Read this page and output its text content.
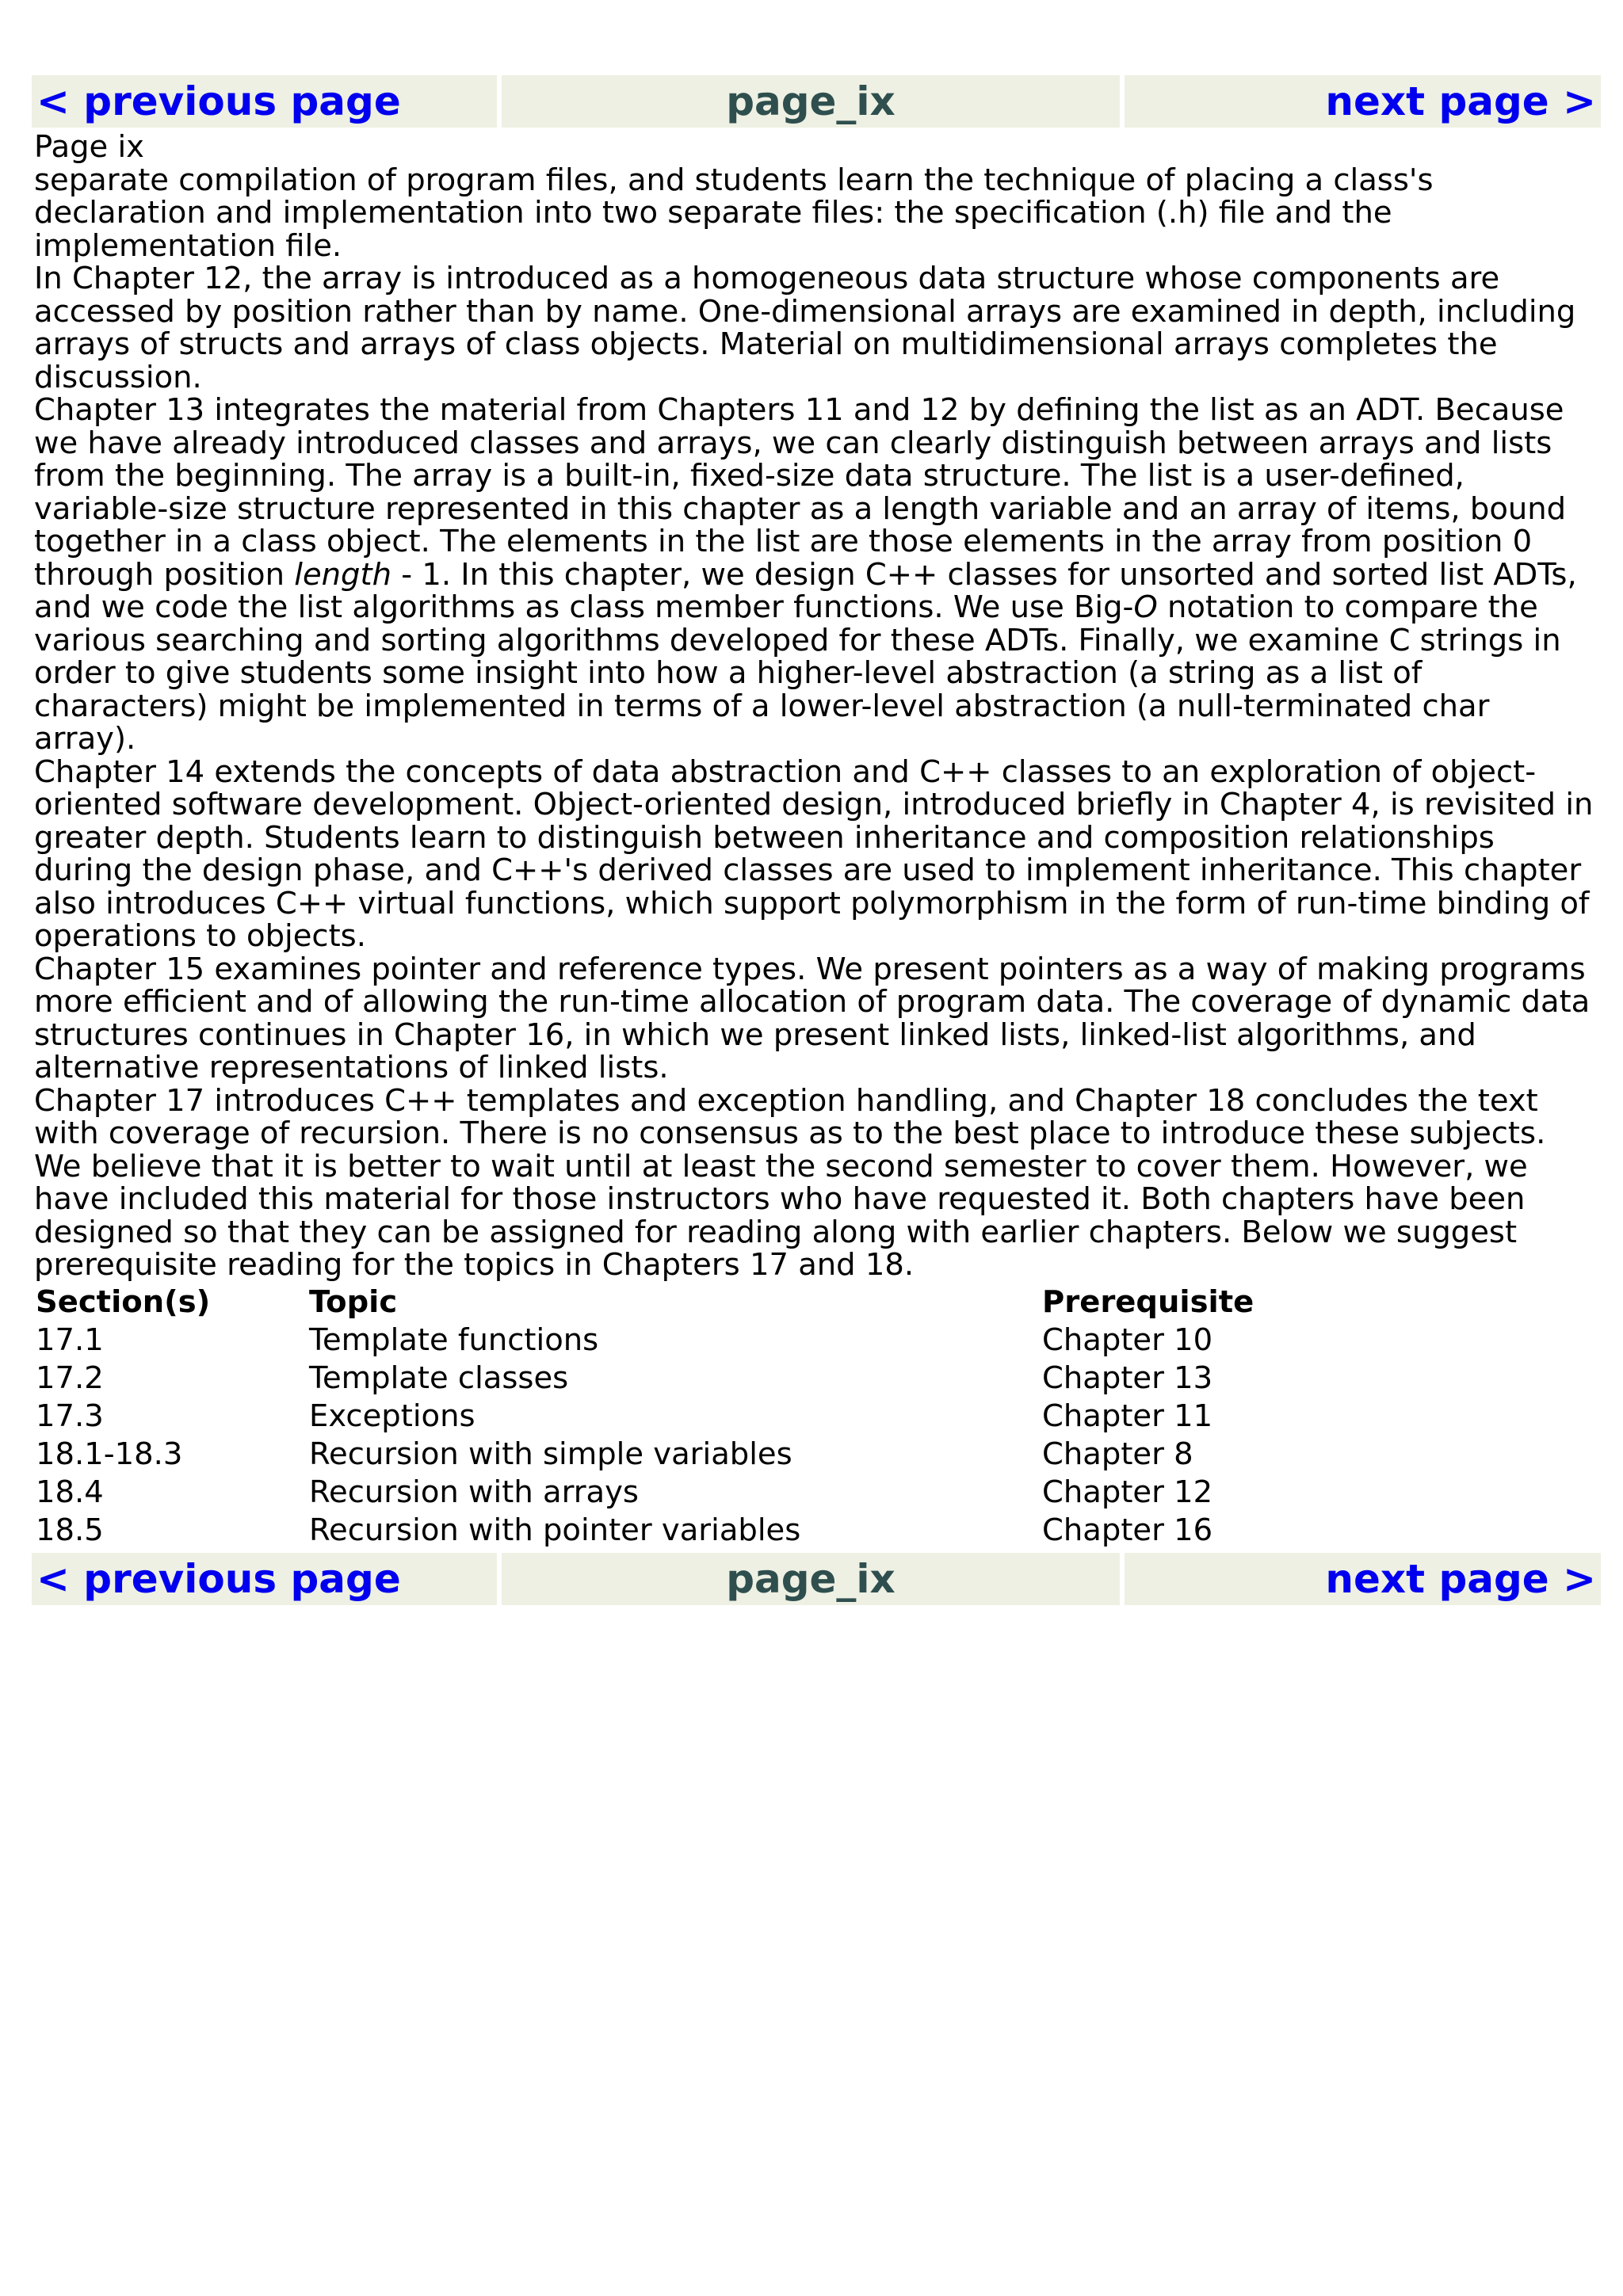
< previous page	page_ix	next page >

Page ix

separate compilation of program files, and students learn the technique of placing a class's declaration and implementation into two separate files: the specification (.h) file and the implementation file.

In Chapter 12, the array is introduced as a homogeneous data structure whose components are accessed by position rather than by name. One-dimensional arrays are examined in depth, including arrays of structs and arrays of class objects. Material on multidimensional arrays completes the discussion.

Chapter 13 integrates the material from Chapters 11 and 12 by defining the list as an ADT. Because we have already introduced classes and arrays, we can clearly distinguish between arrays and lists from the beginning. The array is a built-in, fixed-size data structure. The list is a user-defined, variable-size structure represented in this chapter as a length variable and an array of items, bound together in a class object. The elements in the list are those elements in the array from position 0 through position length - 1. In this chapter, we design C++ classes for unsorted and sorted list ADTs, and we code the list algorithms as class member functions. We use Big-O notation to compare the various searching and sorting algorithms developed for these ADTs. Finally, we examine C strings in order to give students some insight into how a higher-level abstraction (a string as a list of characters) might be implemented in terms of a lower-level abstraction (a null-terminated char array).

Chapter 14 extends the concepts of data abstraction and C++ classes to an exploration of object-oriented software development. Object-oriented design, introduced briefly in Chapter 4, is revisited in greater depth. Students learn to distinguish between inheritance and composition relationships during the design phase, and C++'s derived classes are used to implement inheritance. This chapter also introduces C++ virtual functions, which support polymorphism in the form of run-time binding of operations to objects.

Chapter 15 examines pointer and reference types. We present pointers as a way of making programs more efficient and of allowing the run-time allocation of program data. The coverage of dynamic data structures continues in Chapter 16, in which we present linked lists, linked-list algorithms, and alternative representations of linked lists.

Chapter 17 introduces C++ templates and exception handling, and Chapter 18 concludes the text with coverage of recursion. There is no consensus as to the best place to introduce these subjects. We believe that it is better to wait until at least the second semester to cover them. However, we have included this material for those instructors who have requested it. Both chapters have been designed so that they can be assigned for reading along with earlier chapters. Below we suggest prerequisite reading for the topics in Chapters 17 and 18.

Section(s)	Topic	Prerequisite
17.1	Template functions	Chapter 10
17.2	Template classes	Chapter 13
17.3	Exceptions	Chapter 11
18.1-18.3	Recursion with simple variables	Chapter 8
18.4	Recursion with arrays	Chapter 12
18.5	Recursion with pointer variables	Chapter 16
< previous page	page_ix	next page >
